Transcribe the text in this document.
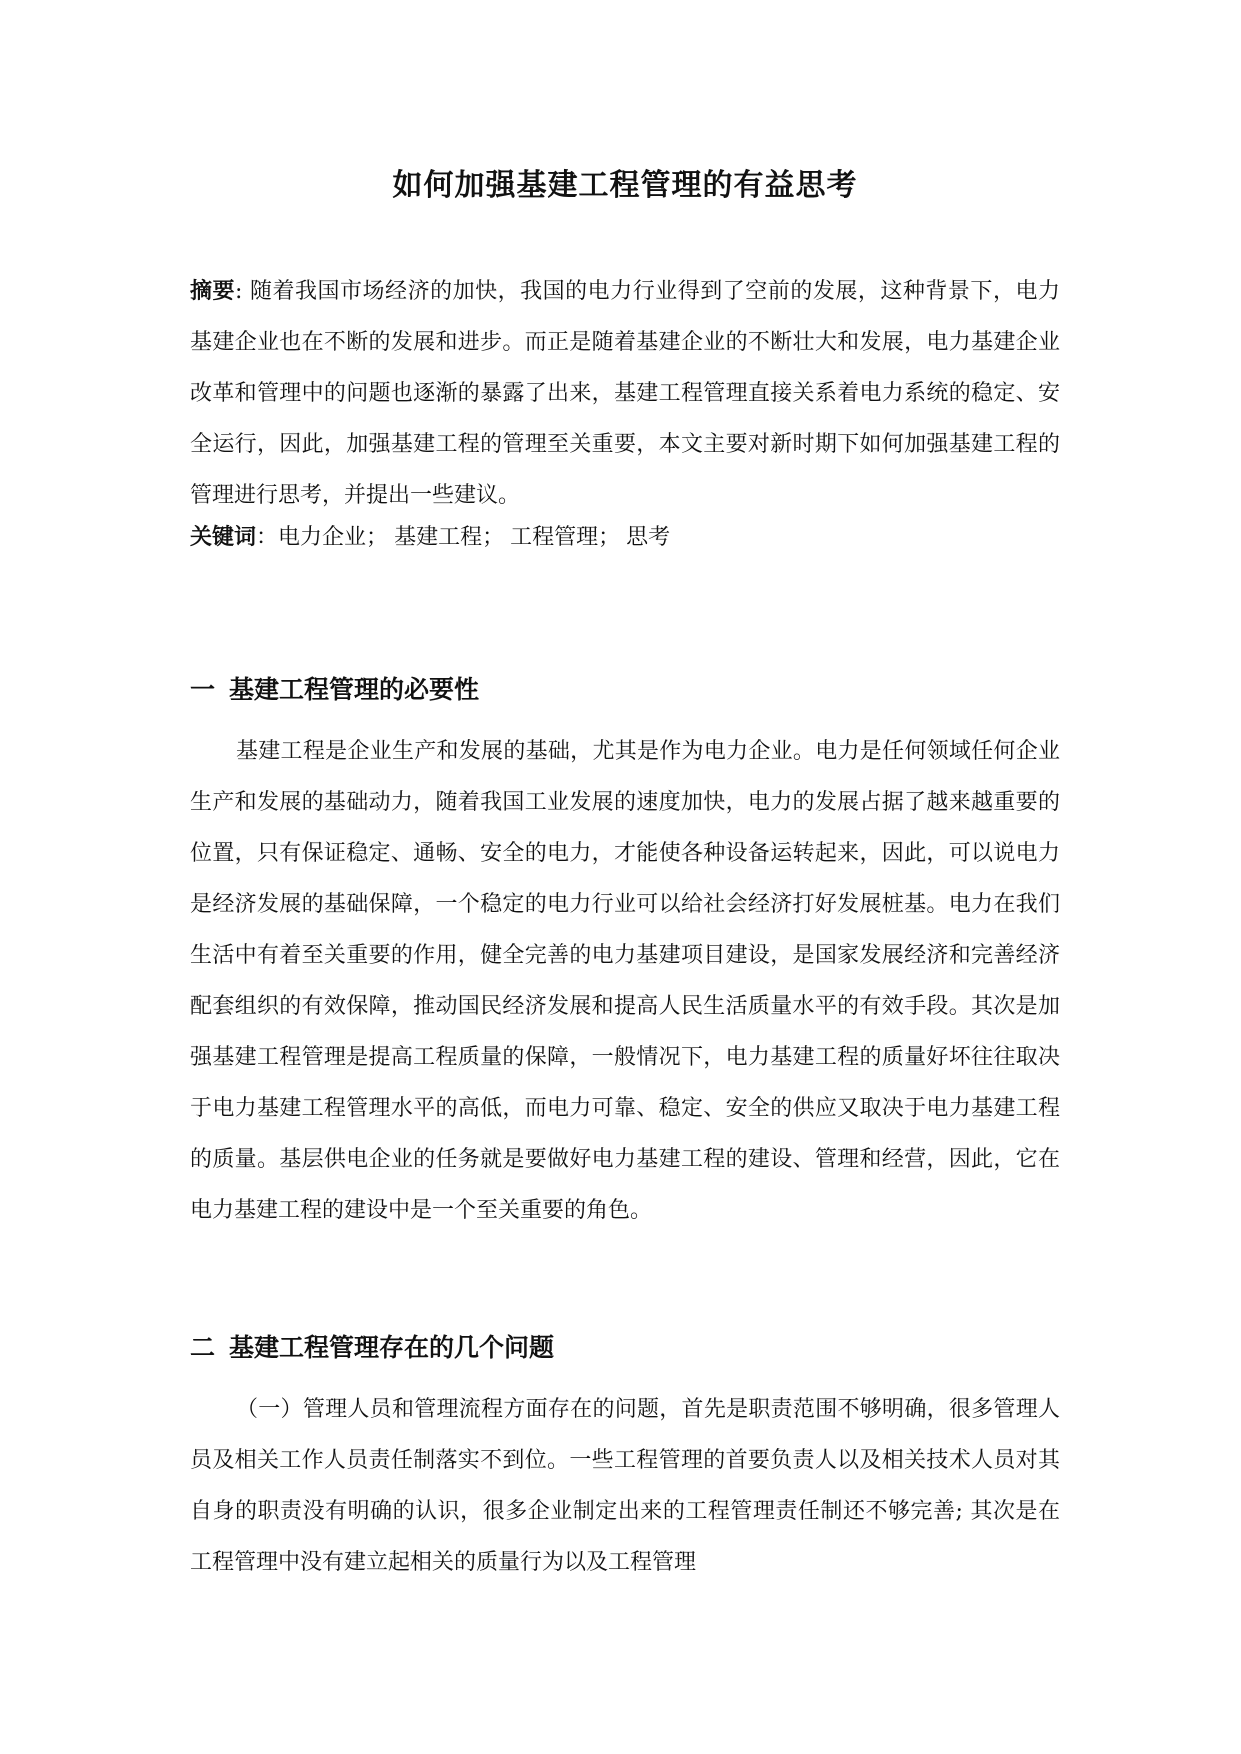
如何加强基建工程管理的有益思考

摘要: 随着我国市场经济的加快，我国的电力行业得到了空前的发展，这种背景下，电力基建企业也在不断的发展和进步。而正是随着基建企业的不断壮大和发展，电力基建企业改革和管理中的问题也逐渐的暴露了出来，基建工程管理直接关系着电力系统的稳定、安全运行，因此，加强基建工程的管理至关重要，本文主要对新时期下如何加强基建工程的管理进行思考，并提出一些建议。

关键词：电力企业； 基建工程； 工程管理； 思考

一 基建工程管理的必要性

基建工程是企业生产和发展的基础，尤其是作为电力企业。电力是任何领域任何企业生产和发展的基础动力，随着我国工业发展的速度加快，电力的发展占据了越来越重要的位置，只有保证稳定、通畅、安全的电力，才能使各种设备运转起来，因此，可以说电力是经济发展的基础保障，一个稳定的电力行业可以给社会经济打好发展桩基。电力在我们生活中有着至关重要的作用，健全完善的电力基建项目建设，是国家发展经济和完善经济配套组织的有效保障，推动国民经济发展和提高人民生活质量水平的有效手段。其次是加强基建工程管理是提高工程质量的保障，一般情况下，电力基建工程的质量好坏往往取决于电力基建工程管理水平的高低，而电力可靠、稳定、安全的供应又取决于电力基建工程的质量。基层供电企业的任务就是要做好电力基建工程的建设、管理和经营，因此，它在电力基建工程的建设中是一个至关重要的角色。

二 基建工程管理存在的几个问题

（一）管理人员和管理流程方面存在的问题，首先是职责范围不够明确，很多管理人员及相关工作人员责任制落实不到位。一些工程管理的首要负责人以及相关技术人员对其自身的职责没有明确的认识，很多企业制定出来的工程管理责任制还不够完善; 其次是在工程管理中没有建立起相关的质量行为以及工程管理
